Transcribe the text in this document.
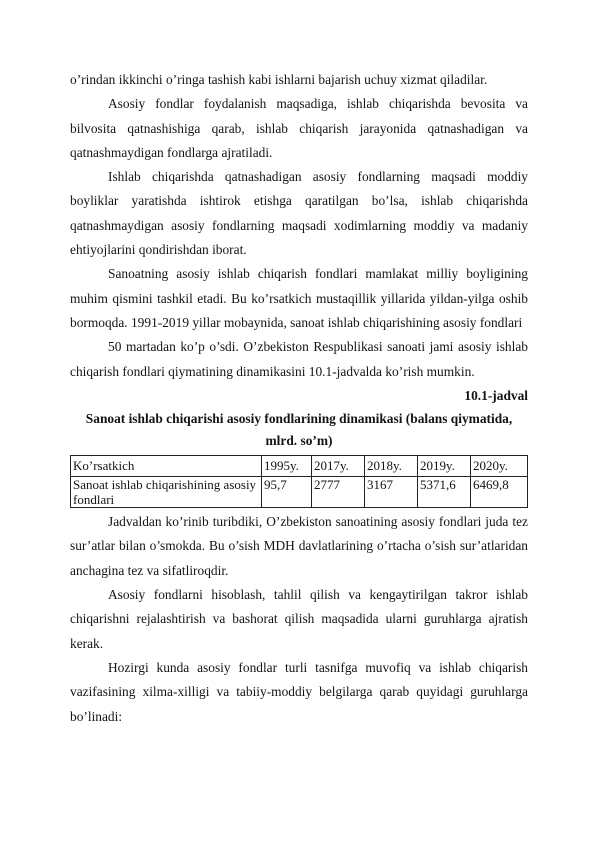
o’rindan ikkinchi o’ringa tashish kabi ishlarni bajarish uchuy xizmat qiladilar.

Asosiy fondlar foydalanish maqsadiga, ishlab chiqarishda bevosita va bilvosita qatnashishiga qarab, ishlab chiqarish jarayonida qatnashadigan va qatnashmaydigan fondlarga ajratiladi.

Ishlab chiqarishda qatnashadigan asosiy fondlarning maqsadi moddiy boyliklar yaratishda ishtirok etishga qaratilgan bo’lsa, ishlab chiqarishda qatnashmaydigan asosiy fondlarning maqsadi xodimlarning moddiy va madaniy ehtiyojlarini qondirishdan iborat.

Sanoatning asosiy ishlab chiqarish fondlari mamlakat milliy boyligining muhim qismini tashkil etadi. Bu ko’rsatkich mustaqillik yillarida yildan-yilga oshib bormoqda. 1991-2019 yillar mobaynida, sanoat ishlab chiqarishining asosiy fondlari

50 martadan ko’p o’sdi. O’zbekiston Respublikasi sanoati jami asosiy ishlab chiqarish fondlari qiymatining dinamikasini 10.1-jadvalda ko’rish mumkin.

10.1-jadval

Sanoat ishlab chiqarishi asosiy fondlarining dinamikasi (balans qiymatida, mlrd. so’m)

Ko’rsatkich	1995y.	2017y.	2018y.	2019y.	2020y.
Sanoat ishlab chiqarishining asosiy fondlari	95,7	2777	3167	5371,6	6469,8

Jadvaldan ko’rinib turibdiki, O’zbekiston sanoatining asosiy fondlari juda tez sur’atlar bilan o’smokda. Bu o’sish MDH davlatlarining o’rtacha o’sish sur’atlaridan anchagina tez va sifatliroqdir.

Asosiy fondlarni hisoblash, tahlil qilish va kengaytirilgan takror ishlab chiqarishni rejalashtirish va bashorat qilish maqsadida ularni guruhlarga ajratish kerak.

Hozirgi kunda asosiy fondlar turli tasnifga muvofiq va ishlab chiqarish vazifasining xilma-xilligi va tabiiy-moddiy belgilarga qarab quyidagi guruhlarga bo’linadi:
